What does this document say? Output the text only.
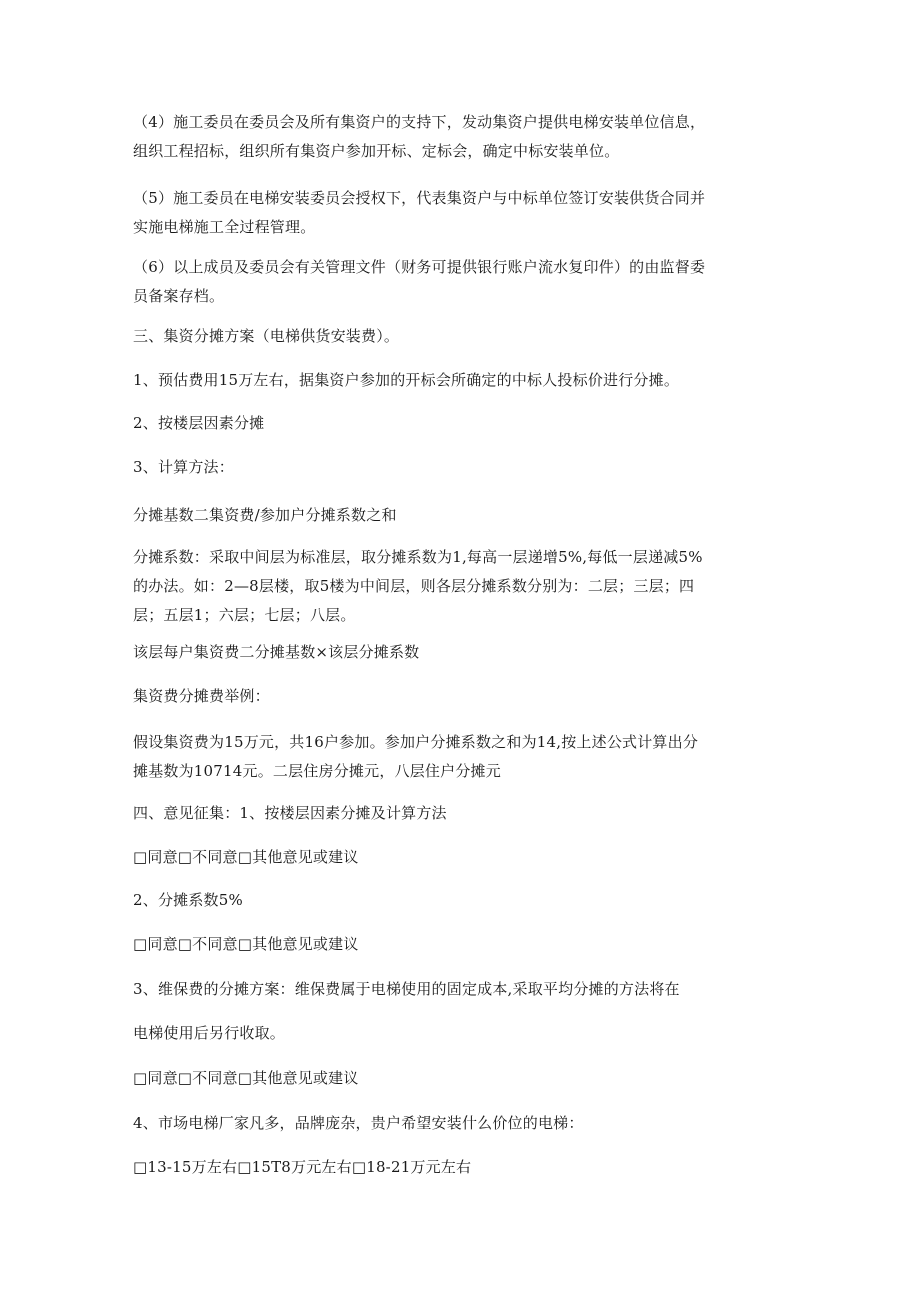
（4）施工委员在委员会及所有集资户的支持下，发动集资户提供电梯安装单位信息，
组织工程招标，组织所有集资户参加开标、定标会，确定中标安装单位。
（5）施工委员在电梯安装委员会授权下，代表集资户与中标单位签订安装供货合同并
实施电梯施工全过程管理。
（6）以上成员及委员会有关管理文件（财务可提供银行账户流水复印件）的由监督委
员备案存档。
三、集资分摊方案（电梯供货安装费）。
1、预估费用15万左右，据集资户参加的开标会所确定的中标人投标价进行分摊。
2、按楼层因素分摊
3、计算方法：
分摊基数二集资费/参加户分摊系数之和
分摊系数：采取中间层为标准层，取分摊系数为1,每高一层递增5%,每低一层递减5%
的办法。如：2—8层楼，取5楼为中间层，则各层分摊系数分别为：二层；三层；四
层；五层1；六层；七层；八层。
该层每户集资费二分摊基数×该层分摊系数
集资费分摊费举例：
假设集资费为15万元，共16户参加。参加户分摊系数之和为14,按上述公式计算出分
摊基数为10714元。二层住房分摊元，八层住户分摊元
四、意见征集：1、按楼层因素分摊及计算方法
□同意□不同意□其他意见或建议
2、分摊系数5%
□同意□不同意□其他意见或建议
3、维保费的分摊方案：维保费属于电梯使用的固定成本,采取平均分摊的方法将在
电梯使用后另行收取。
□同意□不同意□其他意见或建议
4、市场电梯厂家凡多，品牌庞杂，贵户希望安装什么价位的电梯：
□13-15万左右□15T8万元左右□18-21万元左右
